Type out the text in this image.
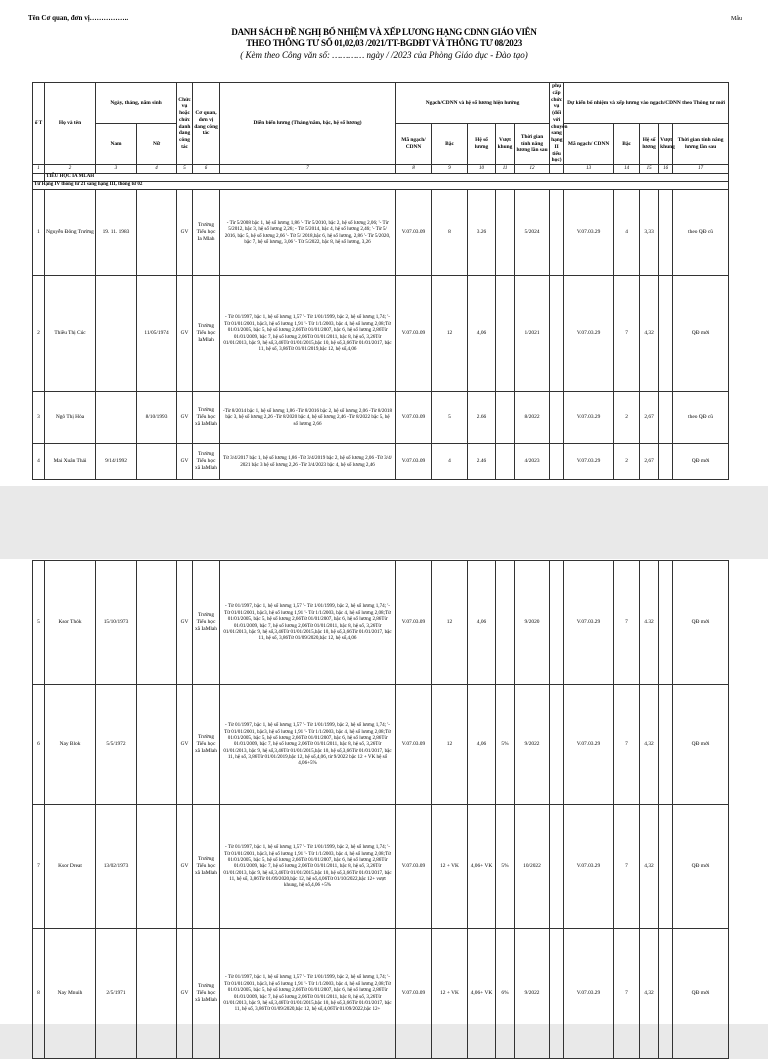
Tên Cơ quan, đơn vị……………..	Mẫu
DANH SÁCH ĐỀ NGHỊ BỔ NHIỆM VÀ XẾP LƯƠNG HẠNG CDNN GIÁO VIÊN
THEO THÔNG TƯ SỐ 01,02,03 /2021/TT-BGDĐT VÀ THÔNG TƯ 08/2023
( Kèm theo Công văn số: ………… ngày / /2023 của Phòng Giáo dục - Đào tạo)
ố T	Họ và tên	Ngày, tháng, năm sinh		Chức vụ hoặc chức danh đang công tác	Cơ quan, đơn vị đang công tác	Diễn biến lương (Tháng/năm, bậc, hệ số lương)	Ngạch/CDNN và hệ số lương hiện hưởng					phụ cấp chức vụ (đối với chuyên sang hạng II tiểu học)	Dự kiến bổ nhiệm và xếp lương vào ngạch/CDNN theo Thông tư mới				
		Nam	Nữ				Mã ngạch/ CDNN	Bậc	Hệ số lương	Vượt khung	Thời gian tính nâng lương lần sau		Mã ngạch/ CDNN	Bậc	Hệ số lương	Vượt khung	Thời gian tính nâng lương lần sau
1	2	3	4	5	6	7	8	9	10	11	12		13	14	15	16	17
	TIỂU HỌC IA MLAH																
Từ Hạng IV thông tư 21 sang hạng III, thông tư 02																	
1	Nguyễn Đông Trường	19. 11. 1983		GV	Trường Tiểu học Ia Mlah	- Từ 5/2008 bậc 1, hệ số lương 1,86 '- Từ 5/2010, bậc 2, hệ số lương 2,06; '- Từ 5/2012, bậc 3, hệ số lương 2,26; - Từ 5/2014, bậc 4, hệ số lương 2,46; '- Từ 5/ 2016, bậc 5, hệ số lương 2,66 '- Từ 5/ 2018,bậc 6, hệ số lương, 2,86 '- Từ 5/2020, bậc 7, hệ số lương, 3,06 '- Từ 5/2022, bậc 8, hệ số lương, 3,26	V.07.03.09	8	3.26		5/2024		V.07.03.29	4	3,33		theo QĐ cũ
2	Thiều Thị Cúc		11/05/1974	GV	Trường Tiểu học IaMlah	- Từ 01/1997, bậc 1, hệ số lương 1,57 '- Từ 1/01/1999, bậc 2, hệ số lương 1,74; '- Từ 01/01/2001, bậc3, hệ số lương 1,91 '- Từ 1/1/2003, bậc 4, hệ số lương 2,08;Từ 01/01/2005, bậc 5, hệ số lương 2,66Từ 01/01/2007, bậc 6, hệ số lương 2,86Từ 01/01/2009, bậc 7, hệ số lương 2,06Từ 01/01/2011, bậc 8, hệ số, 3,26Từ 01/01/2013, bậc 9, hệ số,3,46Từ 01/01/2015,bậc 10, hệ số,3,66Từ 01/01/2017, bậc 11, hệ số, 3,86Từ 01/01/2019,bậc 12, hệ số,4,06	V.07.03.09	12	4,06		1/2021		V.07.03.29	7	4,32		QĐ mới
3	Ngô Thị Hòa		8/10/1993	GV	Trường Tiểu học xã IaMlah	-Từ 8/2014 bậc 1, hệ số lương 1,86 -Từ 8/2016 bậc 2, hệ số lương 2,06 -Từ 8/2018 bậc 3, hệ số lương 2,26 -Từ 8/2020 bậc 4, hệ số lương 2,46 -Từ 8/2022 bậc 5, hệ số lương 2,66	V.07.03.09	5	2.66		8/2022		V.07.03.29	2	2,67		theo QĐ cũ
4	Mai Xuân Thái	9/14/1992		GV	Trường Tiểu học xã IaMlah	Từ 3/4/2017 bậc 1, hệ số lương 1,86 -Từ 3/4/2019 bậc 2, hệ số lương 2,06 -Từ 3/4/ 2021 bậc 3 hệ số lương 2,26 -Từ 3/4/2023 bậc 4, hệ số lương 2,46	V.07.03.09	4	2.46		4/2023		V.07.03.29	2	2,67		QĐ mới
5	Ksor Thók	15/10/1973		GV	Trường Tiểu học xã IaMlah	- Từ 01/1997, bậc 1, hệ số lương 1,57 '- Từ 1/01/1999, bậc 2, hệ số lương 1,74; '- Từ 01/01/2001, bậc3, hệ số lương 1,91 '- Từ 1/1/2003, bậc 4, hệ số lương 2,08;Từ 01/01/2005, bậc 5, hệ số lương 2,66Từ 01/01/2007, bậc 6, hệ số lương 2,86Từ 01/01/2009, bậc 7, hệ số lương 2,06Từ 01/01/2011, bậc 8, hệ số, 3,26Từ 01/01/2013, bậc 9, hệ số,3,46Từ 01/01/2015,bậc 10, hệ số,3,66Từ 01/01/2017, bậc 11, hệ số, 3,86Từ 01/09/2020,bậc 12, hệ số,4,06	V.07.03.09	12	4,06		9/2020		V.07.03.29	7	4.32		QĐ mới
6	Nay Blok	5/5/1972		GV	Trường Tiểu học xã IaMlah	- Từ 01/1997, bậc 1, hệ số lương 1,57 '- Từ 1/01/1999, bậc 2, hệ số lương 1,74; '- Từ 01/01/2001, bậc3, hệ số lương 1,91 '- Từ 1/1/2003, bậc 4, hệ số lương 2,08;Từ 01/01/2005, bậc 5, hệ số lương 2,66Từ 01/01/2007, bậc 6, hệ số lương 2,86Từ 01/01/2009, bậc 7, hệ số lương 2,06Từ 01/01/2011, bậc 8, hệ số, 3,26Từ 01/01/2013, bậc 9, hệ số,3,46Từ 01/01/2015,bậc 10, hệ số,3,66Từ 01/01/2017, bậc 11, hệ số, 3,86Từ 01/01/2019,bậc 12, hệ số,4,06, từ 9/2022 bậc 12 + VK hệ số 4,06+5%	V.07.03.09	12	4,06	5%	9/2022		V.07.03.29	7	4,32		QĐ mới
7	Ksor Dreat	13/02/1973		GV	Trường Tiểu học xã IaMlah	- Từ 01/1997, bậc 1, hệ số lương 1,57 '- Từ 1/01/1999, bậc 2, hệ số lương 1,74; '- Từ 01/01/2001, bậc3, hệ số lương 1,91 '- Từ 1/1/2003, bậc 4, hệ số lương 2,08;Từ 01/01/2005, bậc 5, hệ số lương 2,66Từ 01/01/2007, bậc 6, hệ số lương 2,86Từ 01/01/2009, bậc 7, hệ số lương 2,06Từ 01/01/2011, bậc 8, hệ số, 3,26Từ 01/01/2013, bậc 9, hệ số,3,46Từ 01/01/2015,bậc 10, hệ số,3,66Từ 01/01/2017, bậc 11, hệ số, 3,86Từ 01/09/2020,bậc 12, hệ số,4,06Từ 01/10/2022,bậc 12+ vượt khung, hệ số,4,06 +5%	V.07.03.09	12 + VK	4,06+ VK	5%	10/2022		V.07.03.29	7	4,32		QĐ mới
8	Nay Mnuih	2/5/1971		GV	Trường Tiểu học xã IaMlah	- Từ 01/1997, bậc 1, hệ số lương 1,57 '- Từ 1/01/1999, bậc 2, hệ số lương 1,74; '- Từ 01/01/2001, bậc3, hệ số lương 1,91 '- Từ 1/1/2003, bậc 4, hệ số lương 2,08;Từ 01/01/2005, bậc 5, hệ số lương 2,66Từ 01/01/2007, bậc 6, hệ số lương 2,86Từ 01/01/2009, bậc 7, hệ số lương 2,06Từ 01/01/2011, bậc 8, hệ số, 3,26Từ 01/01/2013, bậc 9, hệ số,3,46Từ 01/01/2015,bậc 10, hệ số,3,66Từ 01/01/2017, bậc 11, hệ số, 3,86Từ 01/09/2020,bậc 12, hệ số,4,06Từ 01/09/2022,bậc 12+	V.07.03.09	12 + VK	4,06+ VK	6%	9/2022		V.07.03.29	7	4,32		QĐ mới
